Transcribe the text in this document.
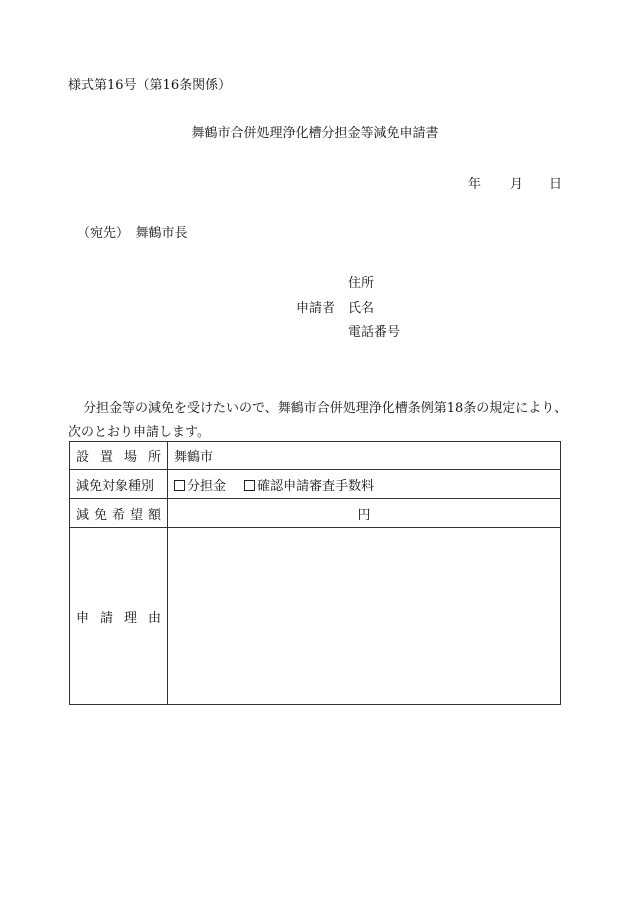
様式第16号（第16条関係）
舞鶴市合併処理浄化槽分担金等減免申請書
年 月 日
（宛先）　舞鶴市長
住所
申請者 氏名
電話番号
分担金等の減免を受けたいので、舞鶴市合併処理浄化槽条例第18条の規定により、
次のとおり申請します。
設置場所	舞鶴市
減免対象種別	分担金 確認申請審査手数料
減免希望額	円
申請理由	
